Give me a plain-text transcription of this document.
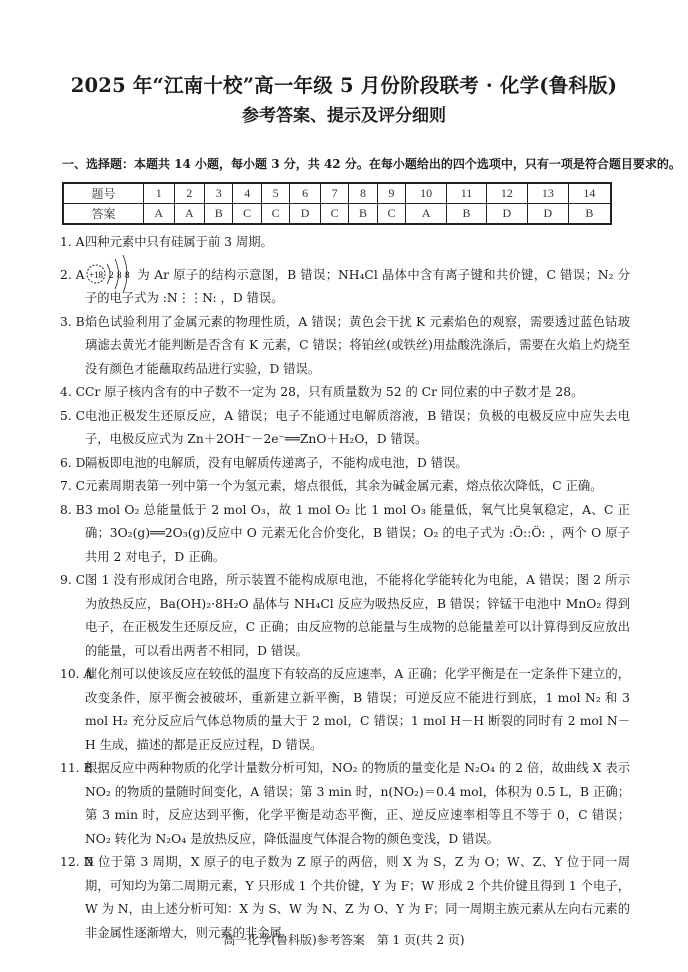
2025 年“江南十校”高一年级 5 月份阶段联考 · 化学(鲁科版)
参考答案、提示及评分细则
一、选择题：本题共 14 小题，每小题 3 分，共 42 分。在每小题给出的四个选项中，只有一项是符合题目要求的。
题号	1	2	3	4	5	6	7	8	9	10	11	12	13	14
答案	A	A	B	C	C	D	C	B	C	A	B	D	D	B
1. A 四种元素中只有硅属于前 3 周期。
2. A +18 2 8 8 为 Ar 原子的结构示意图，B 错误；NH₄Cl 晶体中含有离子键和共价键，C 错误；N₂ 分子的电子式为 :N⋮⋮N: ，D 错误。
3. B 焰色试验利用了金属元素的物理性质，A 错误；黄色会干扰 K 元素焰色的观察，需要透过蓝色钴玻璃滤去黄光才能判断是否含有 K 元素，C 错误；将铂丝(或铁丝)用盐酸洗涤后，需要在火焰上灼烧至没有颜色才能蘸取药品进行实验，D 错误。
4. C Cr 原子核内含有的中子数不一定为 28，只有质量数为 52 的 Cr 同位素的中子数才是 28。
5. C 电池正极发生还原反应，A 错误；电子不能通过电解质溶液，B 错误；负极的电极反应中应失去电子，电极反应式为 Zn＋2OH⁻－2e⁻══ZnO＋H₂O，D 错误。
6. D 隔板即电池的电解质，没有电解质传递离子，不能构成电池，D 错误。
7. C 元素周期表第一列中第一个为氢元素，熔点很低，其余为碱金属元素，熔点依次降低，C 正确。
8. B 3 mol O₂ 总能量低于 2 mol O₃，故 1 mol O₂ 比 1 mol O₃ 能量低，氧气比臭氧稳定，A、C 正确；3O₂(g)══2O₃(g)反应中 O 元素无化合价变化，B 错误；O₂ 的电子式为 :Ö::Ö: ，两个 O 原子共用 2 对电子，D 正确。
9. C 图 1 没有形成闭合电路，所示装置不能构成原电池，不能将化学能转化为电能，A 错误；图 2 所示为放热反应，Ba(OH)₂·8H₂O 晶体与 NH₄Cl 反应为吸热反应，B 错误；锌锰干电池中 MnO₂ 得到电子，在正极发生还原反应，C 正确；由反应物的总能量与生成物的总能量差可以计算得到反应放出的能量，可以看出两者不相同，D 错误。
10. A
催化剂可以使该反应在较低的温度下有较高的反应速率，A 正确；化学平衡是在一定条件下建立的，改变条件，原平衡会被破坏，重新建立新平衡，B 错误；可逆反应不能进行到底，1 mol N₂ 和 3 mol H₂ 充分反应后气体总物质的量大于 2 mol，C 错误；1 mol H－H 断裂的同时有 2 mol N－H 生成，描述的都是正反应过程，D 错误。
11. B
根据反应中两种物质的化学计量数分析可知，NO₂ 的物质的量变化是 N₂O₄ 的 2 倍，故曲线 X 表示 NO₂ 的物质的量随时间变化，A 错误；第 3 min 时，n(NO₂)＝0.4 mol，体积为 0.5 L，B 正确；第 3 min 时，反应达到平衡，化学平衡是动态平衡，正、逆反应速率相等且不等于 0，C 错误；NO₂ 转化为 N₂O₄ 是放热反应，降低温度气体混合物的颜色变浅，D 错误。
12. D
X 位于第 3 周期，X 原子的电子数为 Z 原子的两倍，则 X 为 S，Z 为 O；W、Z、Y 位于同一周期，可知均为第二周期元素，Y 只形成 1 个共价键，Y 为 F；W 形成 2 个共价键且得到 1 个电子，W 为 N，由上述分析可知：X 为 S、W 为 N、Z 为 O、Y 为 F；同一周期主族元素从左向右元素的非金属性逐渐增大，则元素的非金属
高一化学(鲁科版)参考答案　第 1 页(共 2 页)
